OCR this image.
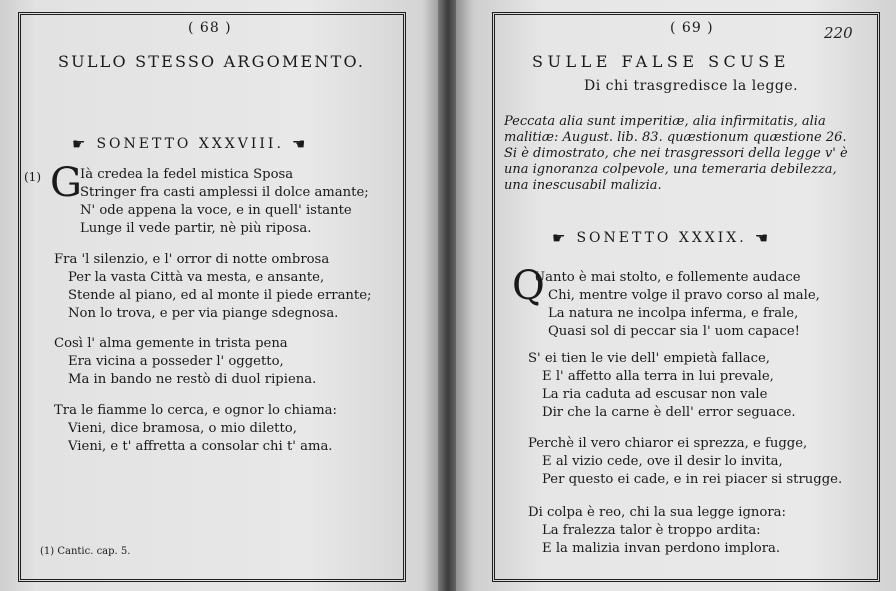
( 68 )
SULLO STESSO ARGOMENTO.
☛ SONETTO XXXVIII. ☚
(1) G
Ià credea la fedel mistica Sposa
Stringer fra casti amplessi il dolce amante;
N' ode appena la voce, e in quell' istante
Lunge il vede partir, nè più riposa.
Fra 'l silenzio, e l' orror di notte ombrosa
Per la vasta Città va mesta, e ansante,
Stende al piano, ed al monte il piede errante;
Non lo trova, e per via piange sdegnosa.
Così l' alma gemente in trista pena
Era vicina a posseder l' oggetto,
Ma in bando ne restò di duol ripiena.
Tra le fiamme lo cerca, e ognor lo chiama:
Vieni, dice bramosa, o mio diletto,
Vieni, e t' affretta a consolar chi t' ama.
(1) Cantic. cap. 5.
( 69 )	220
SULLE FALSE SCUSE
Di chi trasgredisce la legge.
Peccata alia sunt imperitiæ, alia infirmitatis, alia
malitiæ: August. lib. 83. quæstionum quæstione 26.
Si è dimostrato, che nei trasgressori della legge v' è
una ignoranza colpevole, una temeraria debilezza,
una inescusabil malizia.
☛ SONETTO XXXIX. ☚
Q
Uanto è mai stolto, e follemente audace
Chi, mentre volge il pravo corso al male,
La natura ne incolpa inferma, e frale,
Quasi sol di peccar sia l' uom capace!
S' ei tien le vie dell' empietà fallace,
E l' affetto alla terra in lui prevale,
La ria caduta ad escusar non vale
Dir che la carne è dell' error seguace.
Perchè il vero chiaror ei sprezza, e fugge,
E al vizio cede, ove il desir lo invita,
Per questo ei cade, e in rei piacer si strugge.
Di colpa è reo, chi la sua legge ignora:
La fralezza talor è troppo ardita:
E la malizia invan perdono implora.
